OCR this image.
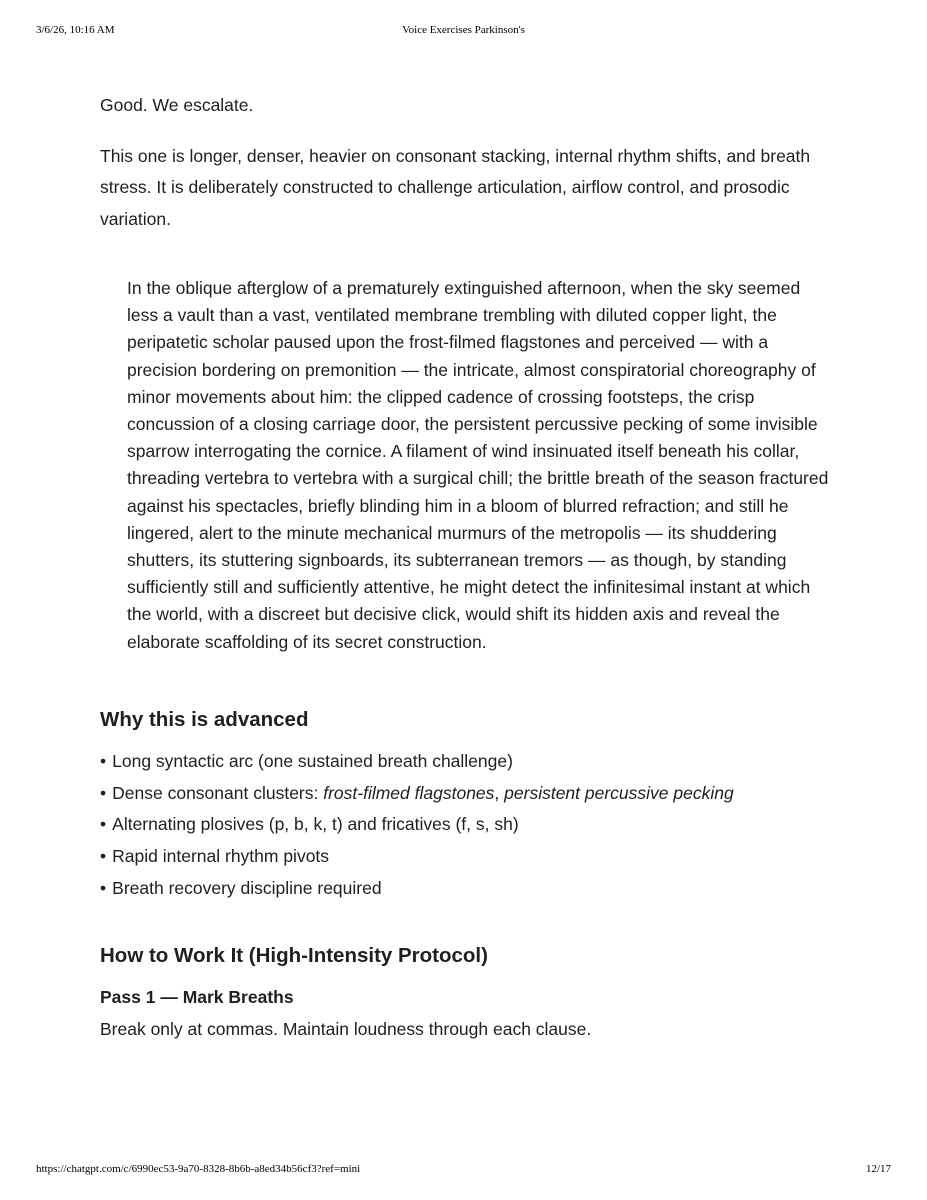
3/6/26, 10:16 AM	Voice Exercises Parkinson's

Good. We escalate.

This one is longer, denser, heavier on consonant stacking, internal rhythm shifts, and breath stress. It is deliberately constructed to challenge articulation, airflow control, and prosodic variation.

In the oblique afterglow of a prematurely extinguished afternoon, when the sky seemed less a vault than a vast, ventilated membrane trembling with diluted copper light, the peripatetic scholar paused upon the frost-filmed flagstones and perceived — with a precision bordering on premonition — the intricate, almost conspiratorial choreography of minor movements about him: the clipped cadence of crossing footsteps, the crisp concussion of a closing carriage door, the persistent percussive pecking of some invisible sparrow interrogating the cornice. A filament of wind insinuated itself beneath his collar, threading vertebra to vertebra with a surgical chill; the brittle breath of the season fractured against his spectacles, briefly blinding him in a bloom of blurred refraction; and still he lingered, alert to the minute mechanical murmurs of the metropolis — its shuddering shutters, its stuttering signboards, its subterranean tremors — as though, by standing sufficiently still and sufficiently attentive, he might detect the infinitesimal instant at which the world, with a discreet but decisive click, would shift its hidden axis and reveal the elaborate scaffolding of its secret construction.
Why this is advanced
• Long syntactic arc (one sustained breath challenge)
• Dense consonant clusters: frost-filmed flagstones, persistent percussive pecking
• Alternating plosives (p, b, k, t) and fricatives (f, s, sh)
• Rapid internal rhythm pivots
• Breath recovery discipline required
How to Work It (High-Intensity Protocol)
Pass 1 — Mark Breaths

Break only at commas. Maintain loudness through each clause.

https://chatgpt.com/c/6990ec53-9a70-8328-8b6b-a8ed34b56cf3?ref=mini	12/17
